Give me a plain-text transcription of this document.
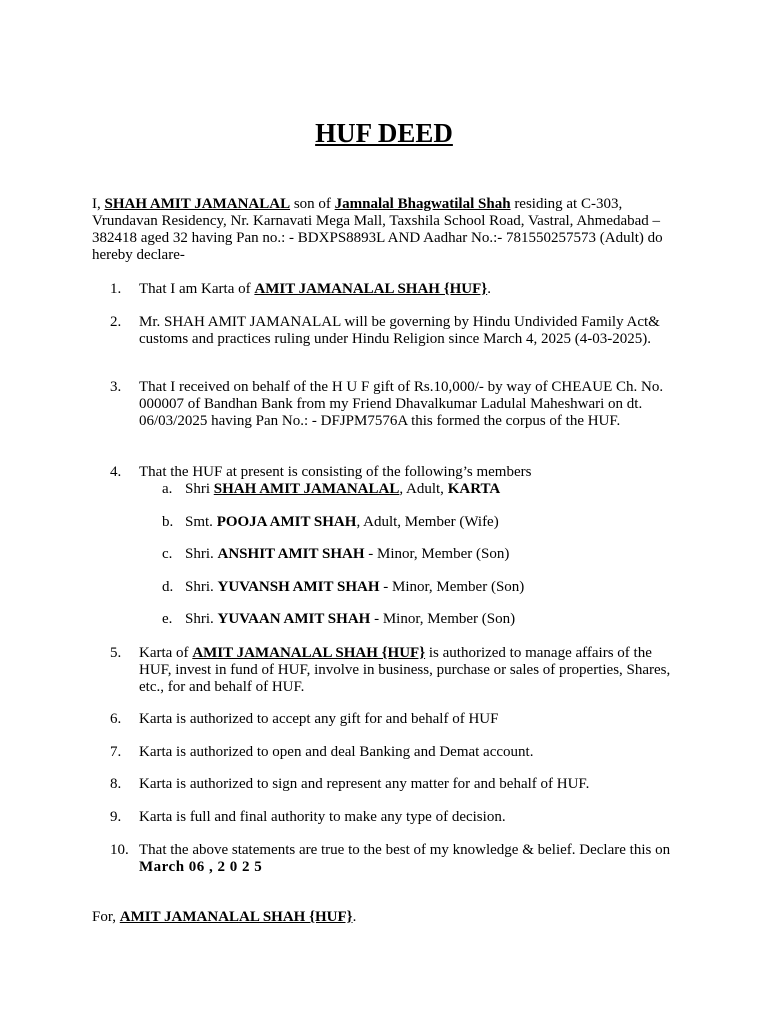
HUF DEED
I, SHAH AMIT JAMANALAL son of Jamnalal Bhagwatilal Shah residing at C-303, Vrundavan Residency, Nr. Karnavati Mega Mall, Taxshila School Road, Vastral, Ahmedabad – 382418 aged 32 having Pan no.: - BDXPS8893L AND Aadhar No.:- 781550257573 (Adult) do hereby declare-
1.	That I am Karta of AMIT JAMANALAL SHAH {HUF}.
2.	Mr. SHAH AMIT JAMANALAL will be governing by Hindu Undivided Family Act& customs and practices ruling under Hindu Religion since March 4, 2025 (4-03-2025).
3.	That I received on behalf of the H U F gift of Rs.10,000/- by way of CHEAUE Ch. No. 000007 of Bandhan Bank from my Friend Dhavalkumar Ladulal Maheshwari on dt. 06/03/2025 having Pan No.: - DFJPM7576A this formed the corpus of the HUF.
4.	That the HUF at present is consisting of the following’s members
a. Shri SHAH AMIT JAMANALAL, Adult, KARTA
b. Smt. POOJA AMIT SHAH, Adult, Member (Wife)
c. Shri. ANSHIT AMIT SHAH - Minor, Member (Son)
d. Shri. YUVANSH AMIT SHAH - Minor, Member (Son)
e. Shri. YUVAAN AMIT SHAH - Minor, Member (Son)
5.	Karta of AMIT JAMANALAL SHAH {HUF} is authorized to manage affairs of the HUF, invest in fund of HUF, involve in business, purchase or sales of properties, Shares, etc., for and behalf of HUF.
6.	Karta is authorized to accept any gift for and behalf of HUF
7.	Karta is authorized to open and deal Banking and Demat account.
8.	Karta is authorized to sign and represent any matter for and behalf of HUF.
9.	Karta is full and final authority to make any type of decision.
10. That the above statements are true to the best of my knowledge & belief. Declare this on
March 06 , 2 0 2 5
For, AMIT JAMANALAL SHAH {HUF}.
